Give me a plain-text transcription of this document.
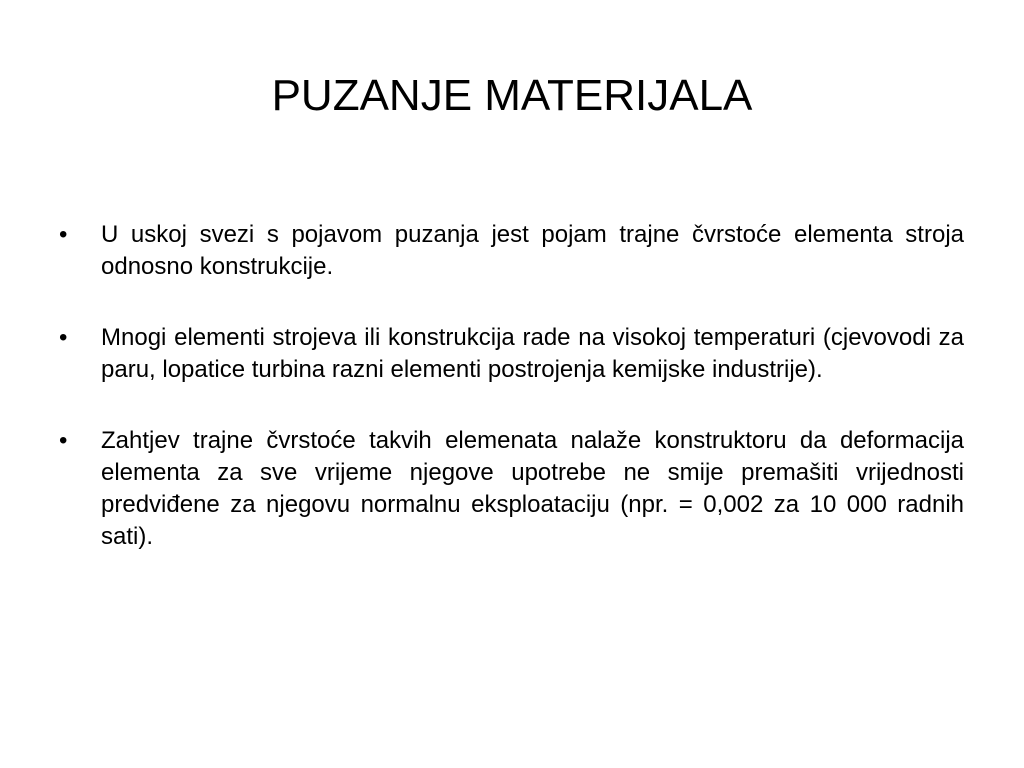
PUZANJE MATERIJALA
•	U uskoj svezi s pojavom puzanja jest pojam trajne čvrstoće elementa stroja odnosno konstrukcije.
•	Mnogi elementi strojeva ili konstrukcija rade na visokoj temperaturi (cjevovodi za paru, lopatice turbina razni elementi postrojenja kemijske industrije).
•	Zahtjev trajne čvrstoće takvih elemenata nalaže konstruktoru da deformacija elementa za sve vrijeme njegove upotrebe ne smije premašiti vrijednosti predviđene za njegovu normalnu eksploataciju (npr. = 0,002 za 10 000 radnih sati).
